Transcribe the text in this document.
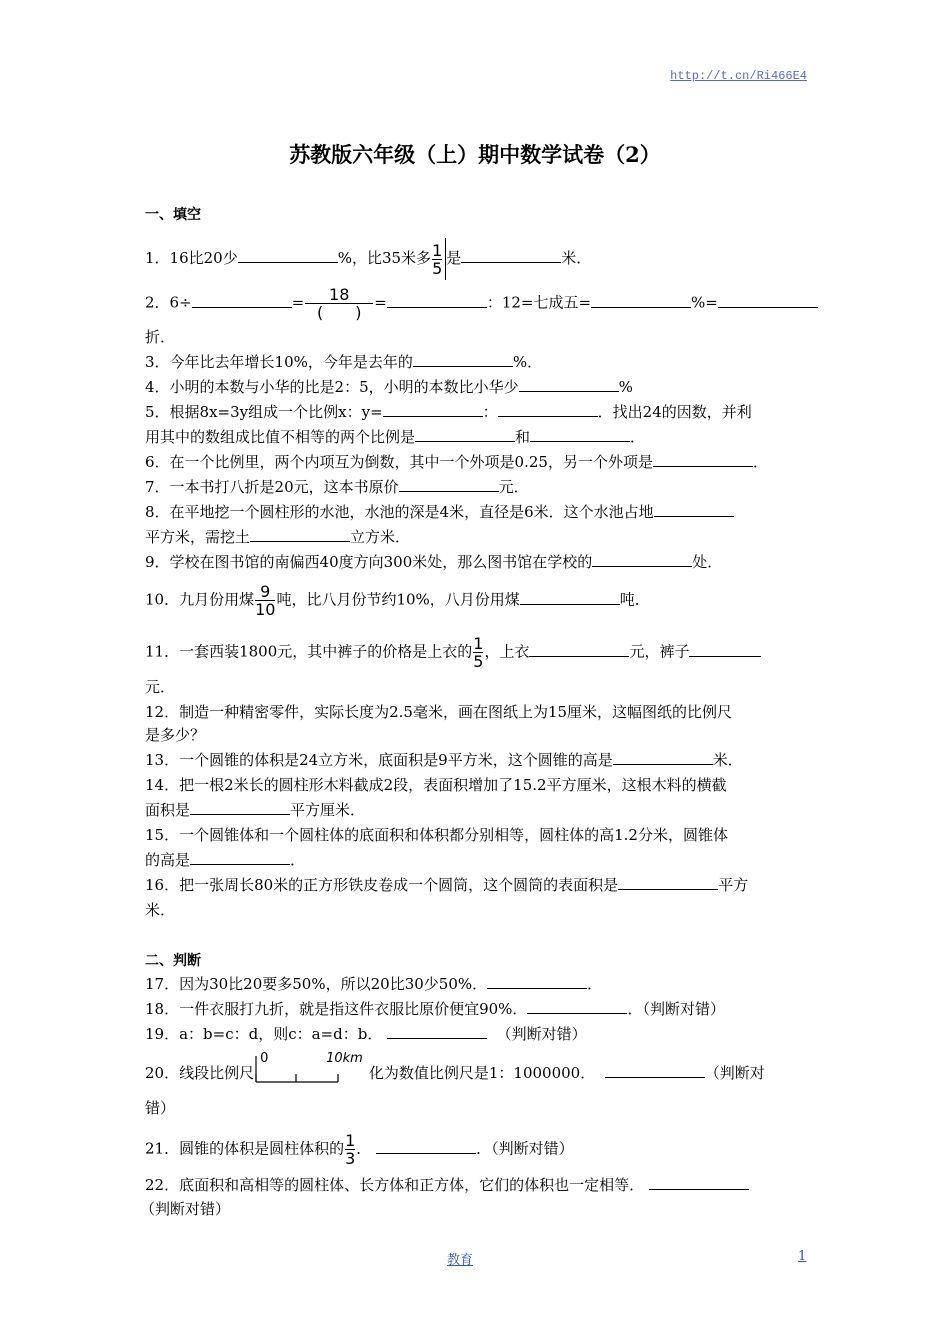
http://t.cn/Ri466E4
苏教版六年级（上）期中数学试卷（2）
一、填空
1．16比20少	%，比35米多 $\frac{1}{5}$ 是	米．
2．6÷	= $\frac{18}{( )}$ =	：12=七成五=	%=
折．
3．今年比去年增长10%，今年是去年的	%．
4．小明的本数与小华的比是2：5，小明的本数比小华少	%
5．根据8x=3y组成一个比例x：y=	：	．找出24的因数，并利
用其中的数组成比值不相等的两个比例是	和	．
6．在一个比例里，两个内项互为倒数，其中一个外项是0.25，另一个外项是	．
7．一本书打八折是20元，这本书原价	元．
8．在平地挖一个圆柱形的水池，水池的深是4米，直径是6米．这个水池占地
平方米，需挖土	立方米．
9．学校在图书馆的南偏西40度方向300米处，那么图书馆在学校的	处．
10．九月份用煤 $\frac{9}{10}$ 吨，比八月份节约10%，八月份用煤	吨．
11．一套西装1800元，其中裤子的价格是上衣的 $\frac{1}{5}$ ，上衣	元，裤子
元．
12．制造一种精密零件，实际长度为2.5毫米，画在图纸上为15厘米，这幅图纸的比例尺
是多少？
13．一个圆锥的体积是24立方米，底面积是9平方米，这个圆锥的高是	米．
14．把一根2米长的圆柱形木料截成2段，表面积增加了15.2平方厘米，这根木料的横截
面积是	平方厘米．
15．一个圆锥体和一个圆柱体的底面积和体积都分别相等，圆柱体的高1.2分米，圆锥体
的高是	．
16．把一张周长80米的正方形铁皮卷成一个圆筒，这个圆筒的表面积是	平方
米．
二、判断
17．因为30比20要多50%，所以20比30少50%．	．
18．一件衣服打九折，就是指这件衣服比原价便宜90%．	．（判断对错）
19．a：b=c：d，则c：a=d：b．	（判断对错）
20．线段比例尺
0	10km
化为数值比例尺是1：1000000．	（判断对
错）
21．圆锥的体积是圆柱体积的 $\frac{1}{3}$ ．	．（判断对错）
22．底面积和高相等的圆柱体、长方体和正方体，它们的体积也一定相等．
（判断对错）
教育	1
